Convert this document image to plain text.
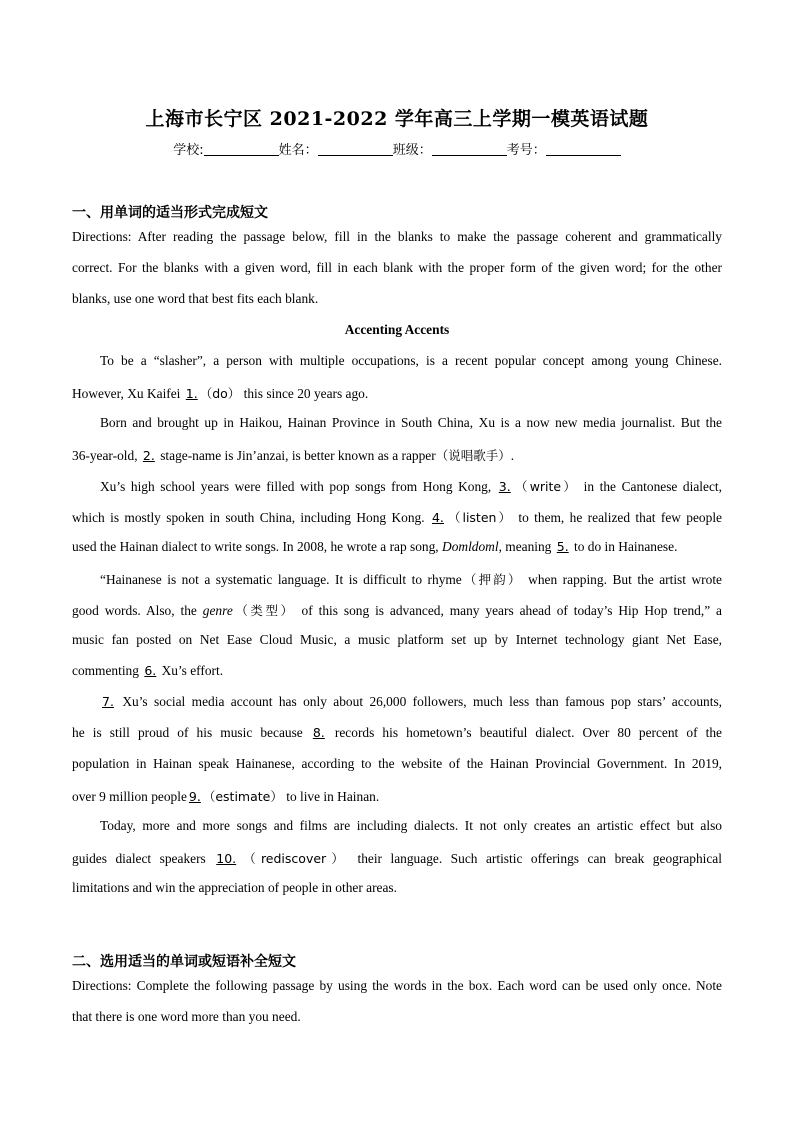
上海市长宁区 2021-2022 学年高三上学期一模英语试题
学校:	姓名：	班级：	考号：
一、用单词的适当形式完成短文
Directions: After reading the passage below, fill in the blanks to make the passage coherent and grammatically
correct. For the blanks with a given word, fill in each blank with the proper form of the given word; for the other
blanks, use one word that best fits each blank.
Accenting Accents
To be a “slasher”, a person with multiple occupations, is a recent popular concept among young Chinese.
However, Xu Kaifei 1. （do） this since 20 years ago.
Born and brought up in Haikou, Hainan Province in South China, Xu is a now new media journalist. But the
36-year-old, 2. stage-name is Jin’anzai, is better known as a rapper（说唱歌手）.
Xu’s high school years were filled with pop songs from Hong Kong, 3. （write） in the Cantonese dialect,
which is mostly spoken in south China, including Hong Kong. 4. （listen） to them, he realized that few people
used the Hainan dialect to write songs. In 2008, he wrote a rap song, Domldoml, meaning 5. to do in Hainanese.
“Hainanese is not a systematic language. It is difficult to rhyme（押韵） when rapping. But the artist wrote
good words. Also, the genre（类型） of this song is advanced, many years ahead of today’s Hip Hop trend,” a
music fan posted on Net Ease Cloud Music, a music platform set up by Internet technology giant Net Ease,
commenting 6. Xu’s effort.
7. Xu’s social media account has only about 26,000 followers, much less than famous pop stars’ accounts,
he is still proud of his music because 8. records his hometown’s beautiful dialect. Over 80 percent of the
population in Hainan speak Hainanese, according to the website of the Hainan Provincial Government. In 2019,
over 9 million people 9. （estimate） to live in Hainan.
Today, more and more songs and films are including dialects. It not only creates an artistic effect but also
guides dialect speakers 10. （rediscover） their language. Such artistic offerings can break geographical
limitations and win the appreciation of people in other areas.
二、选用适当的单词或短语补全短文
Directions: Complete the following passage by using the words in the box. Each word can be used only once. Note
that there is one word more than you need.
